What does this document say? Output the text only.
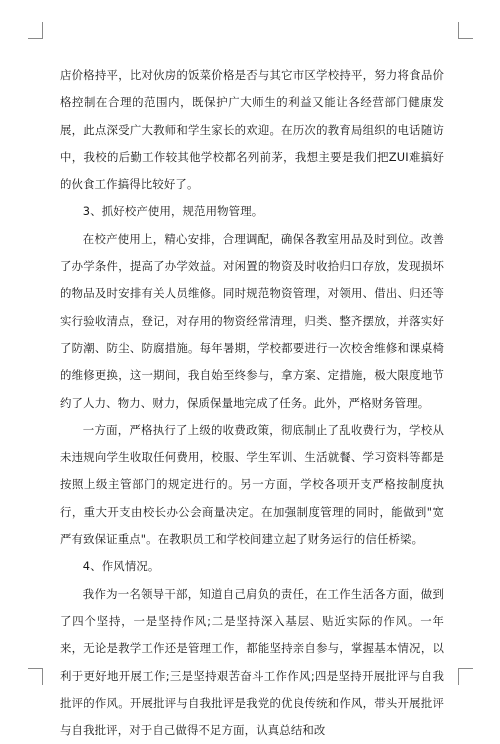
店价格持平，比对伙房的饭菜价格是否与其它市区学校持平，努力将食品价格控制在合理的范围内，既保护广大师生的利益又能让各经营部门健康发展，此点深受广大教师和学生家长的欢迎。在历次的教育局组织的电话随访中，我校的后勤工作较其他学校都名列前茅，我想主要是我们把ZUI难搞好的伙食工作搞得比较好了。

3、抓好校产使用，规范用物管理。

在校产使用上，精心安排，合理调配，确保各教室用品及时到位。改善了办学条件，提高了办学效益。对闲置的物资及时收拾归口存放，发现损坏的物品及时安排有关人员维修。同时规范物资管理，对领用、借出、归还等实行验收清点，登记，对存用的物资经常清理，归类、整齐摆放，并落实好了防潮、防尘、防腐措施。每年暑期，学校都要进行一次校舍维修和课桌椅的维修更换，这一期间，我自始至终参与，拿方案、定措施，极大限度地节约了人力、物力、财力，保质保量地完成了任务。此外，严格财务管理。

一方面，严格执行了上级的收费政策，彻底制止了乱收费行为，学校从未违规向学生收取任何费用，校服、学生军训、生活就餐、学习资料等都是按照上级主管部门的规定进行的。另一方面，学校各项开支严格按制度执行，重大开支由校长办公会商量决定。在加强制度管理的同时，能做到"宽严有致保证重点"。在教职员工和学校间建立起了财务运行的信任桥梁。

4、作风情况。

我作为一名领导干部，知道自己肩负的责任，在工作生活各方面，做到了四个坚持，一是坚持作风;二是坚持深入基层、贴近实际的作风。一年来，无论是教学工作还是管理工作，都能坚持亲自参与，掌握基本情况，以利于更好地开展工作;三是坚持艰苦奋斗工作作风;四是坚持开展批评与自我批评的作风。开展批评与自我批评是我党的优良传统和作风，带头开展批评与自我批评，对于自己做得不足方面，认真总结和改
